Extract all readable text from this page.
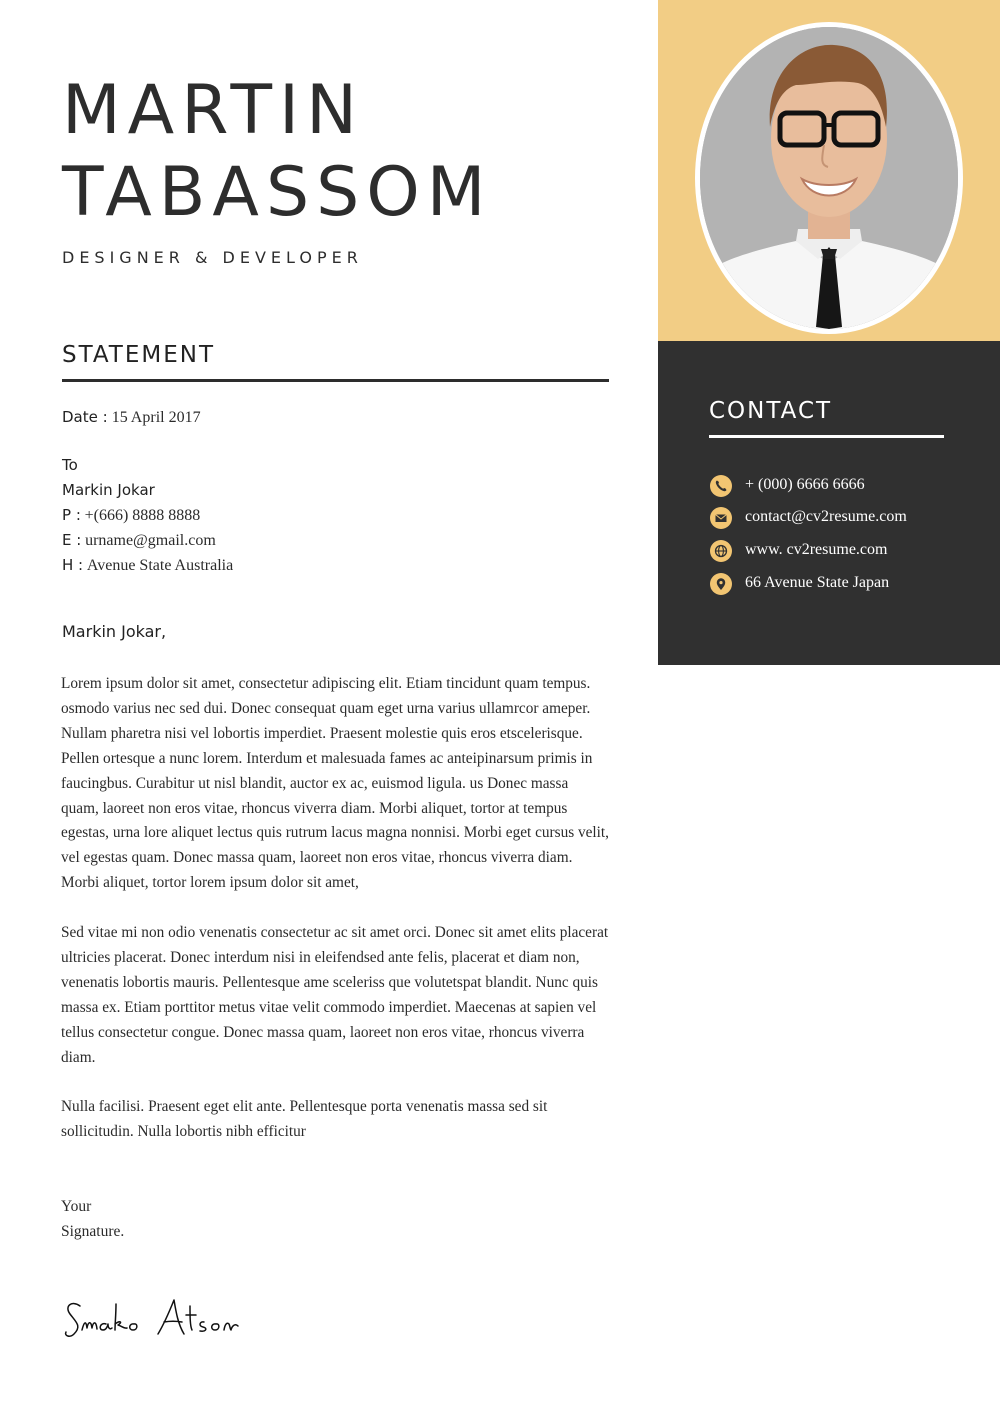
MARTIN
TABASSOM
DESIGNER & DEVELOPER
STATEMENT
Date : 15 April 2017
To
Markin Jokar
P : +(666) 8888 8888
E : urname@gmail.com
H : Avenue State Australia
Markin Jokar,

Lorem ipsum dolor sit amet, consectetur adipiscing elit. Etiam tincidunt quam tempus. osmodo varius nec sed dui. Donec consequat quam eget urna varius ullamrcor ameper. Nullam pharetra nisi vel lobortis imperdiet. Praesent molestie quis eros etscelerisque. Pellen ortesque a nunc lorem. Interdum et malesuada fames ac anteipinarsum primis in faucingbus. Curabitur ut nisl blandit, auctor ex ac, euismod ligula. us Donec massa quam, laoreet non eros vitae, rhoncus viverra diam. Morbi aliquet, tortor at tempus egestas, urna lore aliquet lectus quis rutrum lacus magna nonnisi. Morbi eget cursus velit, vel egestas quam. Donec massa quam, laoreet non eros vitae, rhoncus viverra diam. Morbi aliquet, tortor lorem ipsum dolor sit amet,

Sed vitae mi non odio venenatis consectetur ac sit amet orci. Donec sit amet elits placerat ultricies placerat. Donec interdum nisi in eleifendsed ante felis, placerat et diam non, venenatis lobortis mauris. Pellentesque ame sceleriss que volutetspat blandit. Nunc quis massa ex. Etiam porttitor metus vitae velit commodo imperdiet. Maecenas at sapien vel tellus consectetur congue. Donec massa quam, laoreet non eros vitae, rhoncus viverra diam.

Nulla facilisi. Praesent eget elit ante. Pellentesque porta venenatis massa sed sit sollicitudin. Nulla lobortis nibh efficitur

Your
Signature.
CONTACT
+ (000) 6666 6666
contact@cv2resume.com
www. cv2resume.com
66 Avenue State Japan
